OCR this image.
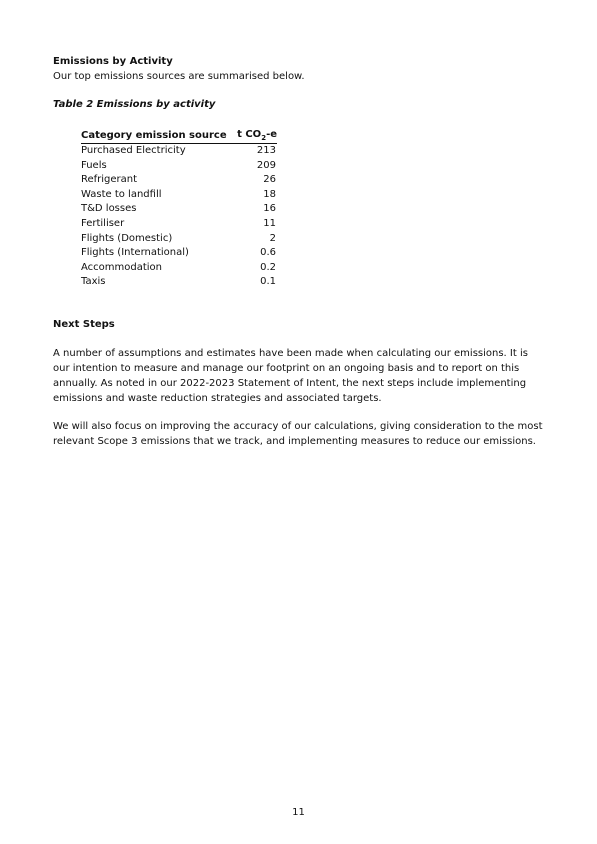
Emissions by Activity
Our top emissions sources are summarised below.
Table 2 Emissions by activity
Category emission source	t $CO_2-e$
Purchased Electricity	213
Fuels	209
Refrigerant	26
Waste to landfill	18
T&D losses	16
Fertiliser	11
Flights (Domestic)	2
Flights (International)	0.6
Accommodation	0.2
Taxis	0.1
Next Steps
A number of assumptions and estimates have been made when calculating our emissions. It is our intention to measure and manage our footprint on an ongoing basis and to report on this annually. As noted in our 2022-2023 Statement of Intent, the next steps include implementing emissions and waste reduction strategies and associated targets.
We will also focus on improving the accuracy of our calculations, giving consideration to the most relevant Scope 3 emissions that we track, and implementing measures to reduce our emissions.
11
